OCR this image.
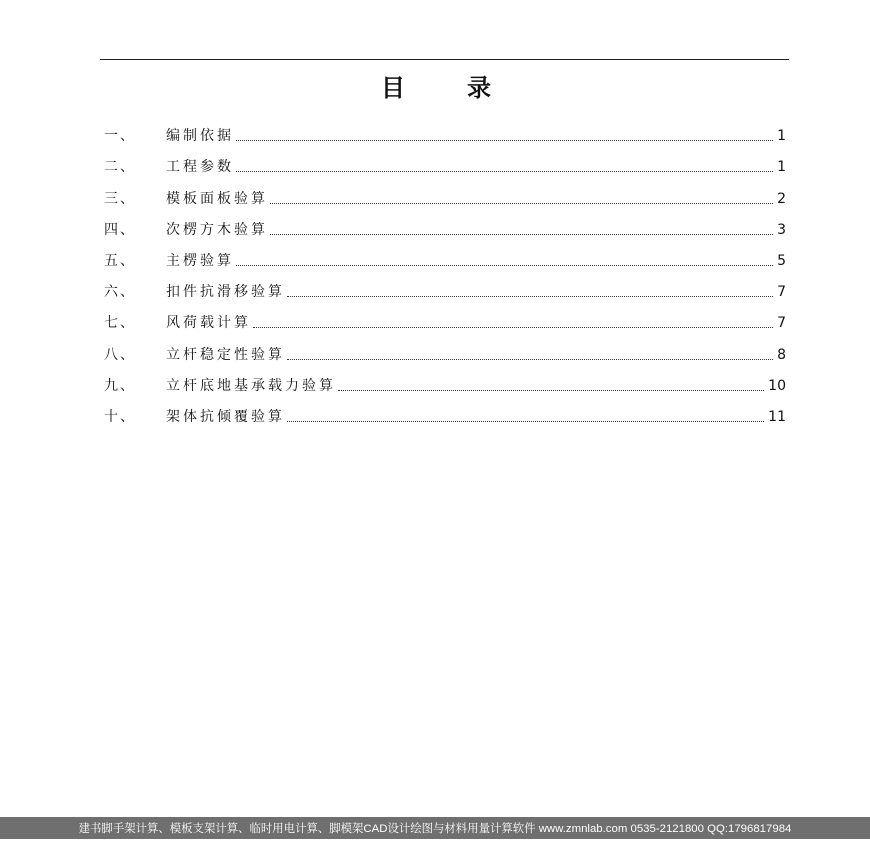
目录
一、	编制依据	1
二、	工程参数	1
三、	模板面板验算	2
四、	次楞方木验算	3
五、	主楞验算	5
六、	扣件抗滑移验算	7
七、	风荷载计算	7
八、	立杆稳定性验算	8
九、	立杆底地基承载力验算	10
十、	架体抗倾覆验算	11
建书脚手架计算、模板支架计算、临时用电计算、脚模架CAD设计绘图与材料用量计算软件 www.zmnlab.com 0535-2121800 QQ:1796817984
